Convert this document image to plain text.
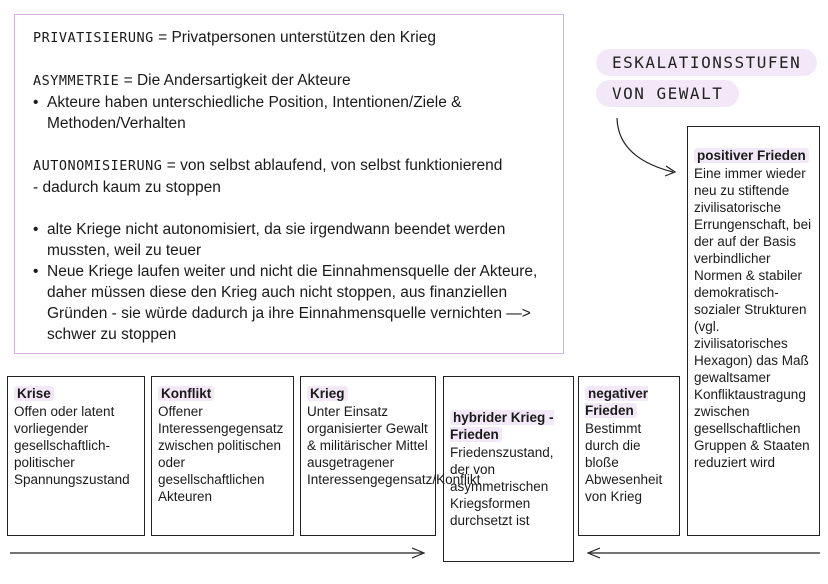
PRIVATISIERUNG = Privatpersonen unterstützen den Krieg

ASYMMETRIE = Die Andersartigkeit der Akteure

• Akteure haben unterschiedliche Position, Intentionen/Ziele & Methoden/Verhalten

AUTONOMISIERUNG = von selbst ablaufend, von selbst funktionierend

- dadurch kaum zu stoppen

• alte Kriege nicht autonomisiert, da sie irgendwann beendet werden mussten, weil zu teuer

• Neue Kriege laufen weiter und nicht die Einnahmensquelle der Akteure, daher müssen diese den Krieg auch nicht stoppen, aus finanziellen Gründen - sie würde dadurch ja ihre Einnahmensquelle vernichten —> schwer zu stoppen

ESKALATIONSSTUFEN
VON GEWALT
Krise
Offen oder latent vorliegender gesellschaftlich-politischer Spannungszustand
Konflikt
Offener Interessengegensatz zwischen politischen oder gesellschaftlichen Akteuren
Krieg
Unter Einsatz organisierter Gewalt & militärischer Mittel ausgetragener Interessengegensatz/Konflikt
hybrider Krieg - Frieden
Friedenszustand, der von asymmetrischen Kriegsformen durchsetzt ist
negativer Frieden
Bestimmt durch die bloße Abwesenheit von Krieg
positiver Frieden
Eine immer wieder neu zu stiftende zivilisatorische Errungenschaft, bei der auf der Basis verbindlicher Normen & stabiler demokratisch-sozialer Strukturen (vgl. zivilisatorisches Hexagon) das Maß gewaltsamer Konfliktaustragung zwischen gesellschaftlichen Gruppen & Staaten reduziert wird
